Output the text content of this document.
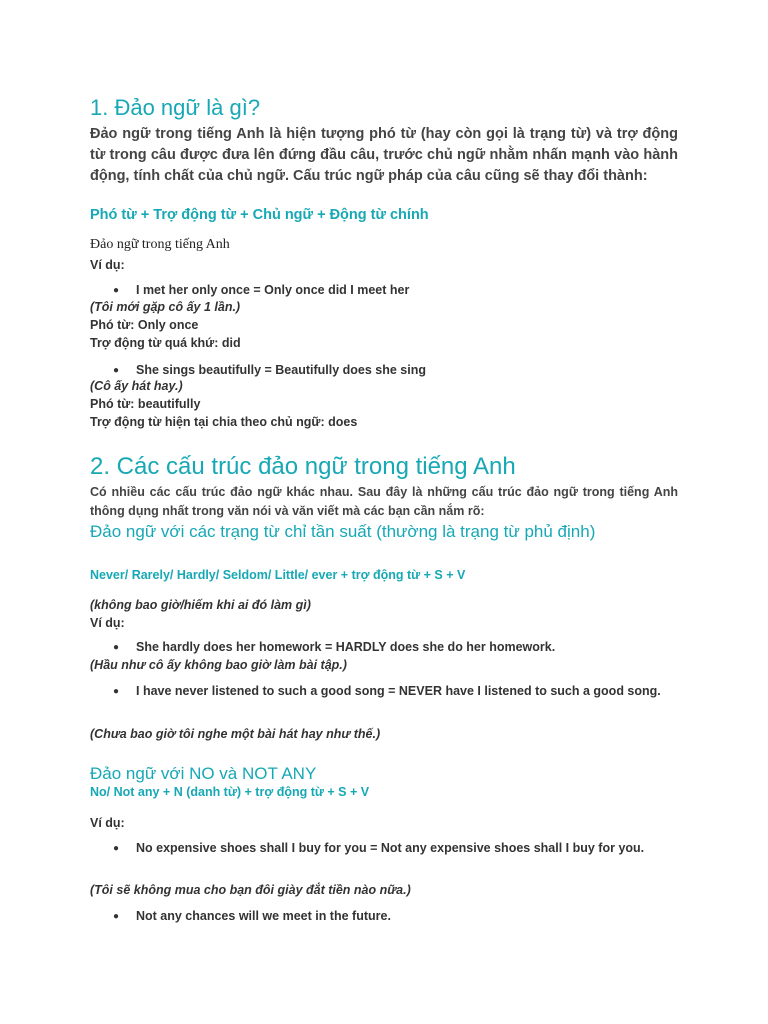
1. Đảo ngữ là gì?
Đảo ngữ trong tiếng Anh là hiện tượng phó từ (hay còn gọi là trạng từ) và trợ động từ trong câu được đưa lên đứng đầu câu, trước chủ ngữ nhằm nhấn mạnh vào hành động, tính chất của chủ ngữ. Cấu trúc ngữ pháp của câu cũng sẽ thay đổi thành:
Phó từ + Trợ động từ + Chủ ngữ + Động từ chính
Đảo ngữ trong tiếng Anh
Ví dụ:
● I met her only once = Only once did I meet her
(Tôi mới gặp cô ấy 1 lần.)
Phó từ: Only once
Trợ động từ quá khứ: did
● She sings beautifully = Beautifully does she sing
(Cô ấy hát hay.)
Phó từ: beautifully
Trợ động từ hiện tại chia theo chủ ngữ: does
2. Các cấu trúc đảo ngữ trong tiếng Anh
Có nhiều các cấu trúc đảo ngữ khác nhau. Sau đây là những cấu trúc đảo ngữ trong tiếng Anh thông dụng nhất trong văn nói và văn viết mà các bạn cần nắm rõ:
Đảo ngữ với các trạng từ chỉ tần suất (thường là trạng từ phủ định)
Never/ Rarely/ Hardly/ Seldom/ Little/ ever + trợ động từ + S + V
(không bao giờ/hiếm khi ai đó làm gì)
Ví dụ:
● She hardly does her homework = HARDLY does she do her homework.
(Hầu như cô ấy không bao giờ làm bài tập.)
● I have never listened to such a good song = NEVER have I listened to such a good song.
(Chưa bao giờ tôi nghe một bài hát hay như thế.)
Đảo ngữ với NO và NOT ANY
No/ Not any + N (danh từ) + trợ động từ + S + V
Ví dụ:
● No expensive shoes shall I buy for you = Not any expensive shoes shall I buy for you.
(Tôi sẽ không mua cho bạn đôi giày đắt tiền nào nữa.)
● Not any chances will we meet in the future.
